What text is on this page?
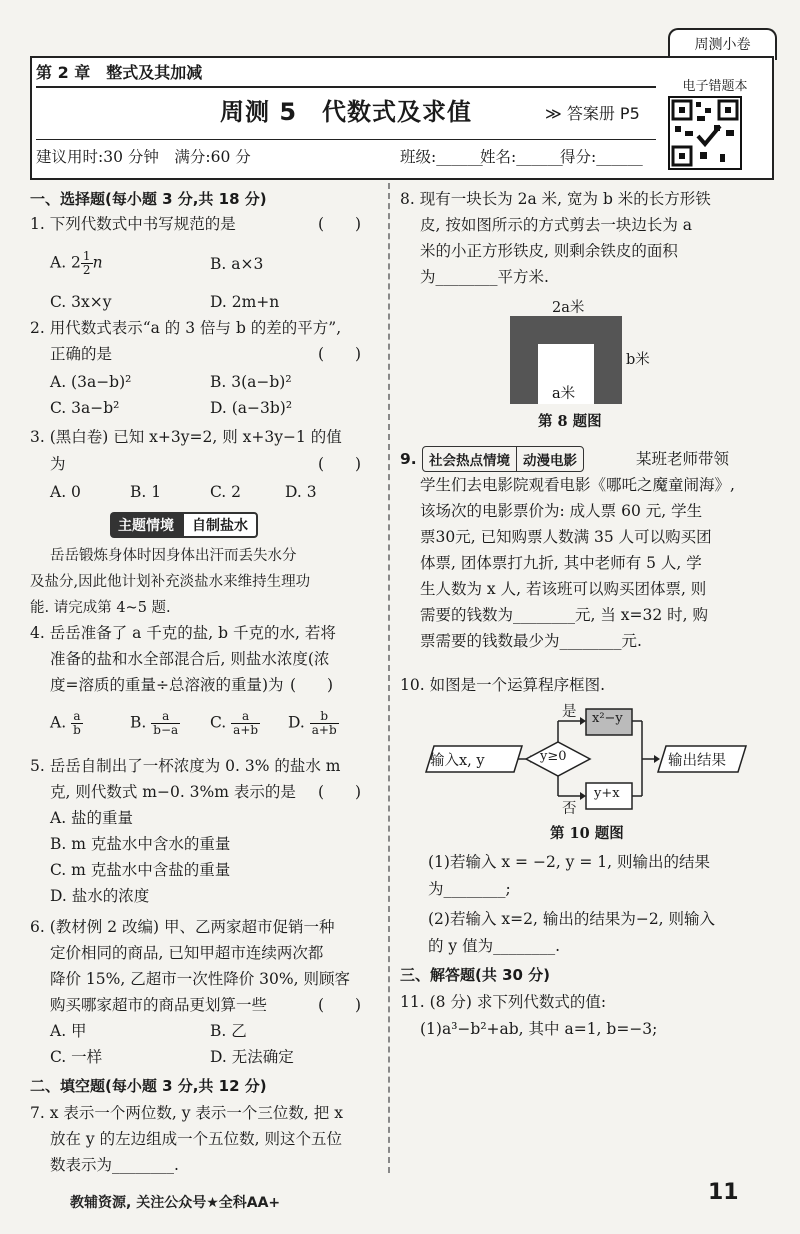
周测小卷
第 2 章　整式及其加减
周测 5　代数式及求值	≫ 答案册 P5
建议用时:30 分钟　满分:60 分	班级:______
姓名:______
得分:______
电子错题本
一、选择题(每小题 3 分,共 18 分)
1. 下列代数式中书写规范的是	(　　)
A. $2 \frac{1}{2}$ n	B. a×3
C. 3x×y	D. 2m+n
2. 用代数式表示“a 的 3 倍与 b 的差的平方”,
正确的是	(　　)
A. (3a−b)²	B. 3(a−b)²
C. 3a−b²	D. (a−3b)²
3. (黑白卷) 已知 x+3y=2, 则 x+3y−1 的值
为	(　　)
A. 0	B. 1	C. 2	D. 3
主题情境	自制盐水
岳岳锻炼身体时因身体出汗而丢失水分
及盐分,因此他计划补充淡盐水来维持生理功
能. 请完成第 4~5 题.
4. 岳岳准备了 a 千克的盐, b 千克的水, 若将
准备的盐和水全部混合后, 则盐水浓度(浓
度=溶质的重量÷总溶液的重量)为 (　　)
A. $\frac{a}{b}$	B. $\frac{a}{b-a} C$. $\frac{a}{a+b} D$. $\frac{b}{a+b}$
5. 岳岳自制出了一杯浓度为 0. 3% 的盐水 m
克, 则代数式 m−0. 3%m 表示的是 (　　)
A. 盐的重量
B. m 克盐水中含水的重量
C. m 克盐水中含盐的重量
D. 盐水的浓度
6. (教材例 2 改编) 甲、乙两家超市促销一种
定价相同的商品, 已知甲超市连续两次都
降价 15%, 乙超市一次性降价 30%, 则顾客
购买哪家超市的商品更划算一些	(　　)
A. 甲	B. 乙
C. 一样	D. 无法确定
二、填空题(每小题 3 分,共 12 分)
7. x 表示一个两位数, y 表示一个三位数, 把 x
放在 y 的左边组成一个五位数, 则这个五位
数表示为________.
8. 现有一块长为 2a 米, 宽为 b 米的长方形铁
皮, 按如图所示的方式剪去一块边长为 a
米的小正方形铁皮, 则剩余铁皮的面积
为________平方米.
2a米
a米
b米
第 8 题图
9. 社会热点情境 动漫电影	某班老师带领
学生们去电影院观看电影《哪吒之魔童闹海》,
该场次的电影票价为: 成人票 60 元, 学生
票30元, 已知购票人数满 35 人可以购买团
体票, 团体票打九折, 其中老师有 5 人, 学
生人数为 x 人, 若该班可以购买团体票, 则
需要的钱数为________元, 当 x=32 时, 购
票需要的钱数最少为________元.
10. 如图是一个运算程序框图.
输入x, y	y≥0
是
否
x²−y
y+x
输出结果
第 10 题图
(1)若输入 x = −2, y = 1, 则输出的结果
为________;
(2)若输入 x=2, 输出的结果为−2, 则输入
的 y 值为________.
三、解答题(共 30 分)
11. (8 分) 求下列代数式的值:
(1)a³−b²+ab, 其中 a=1, b=−3;
教辅资源, 关注公众号★全科AA+	11
